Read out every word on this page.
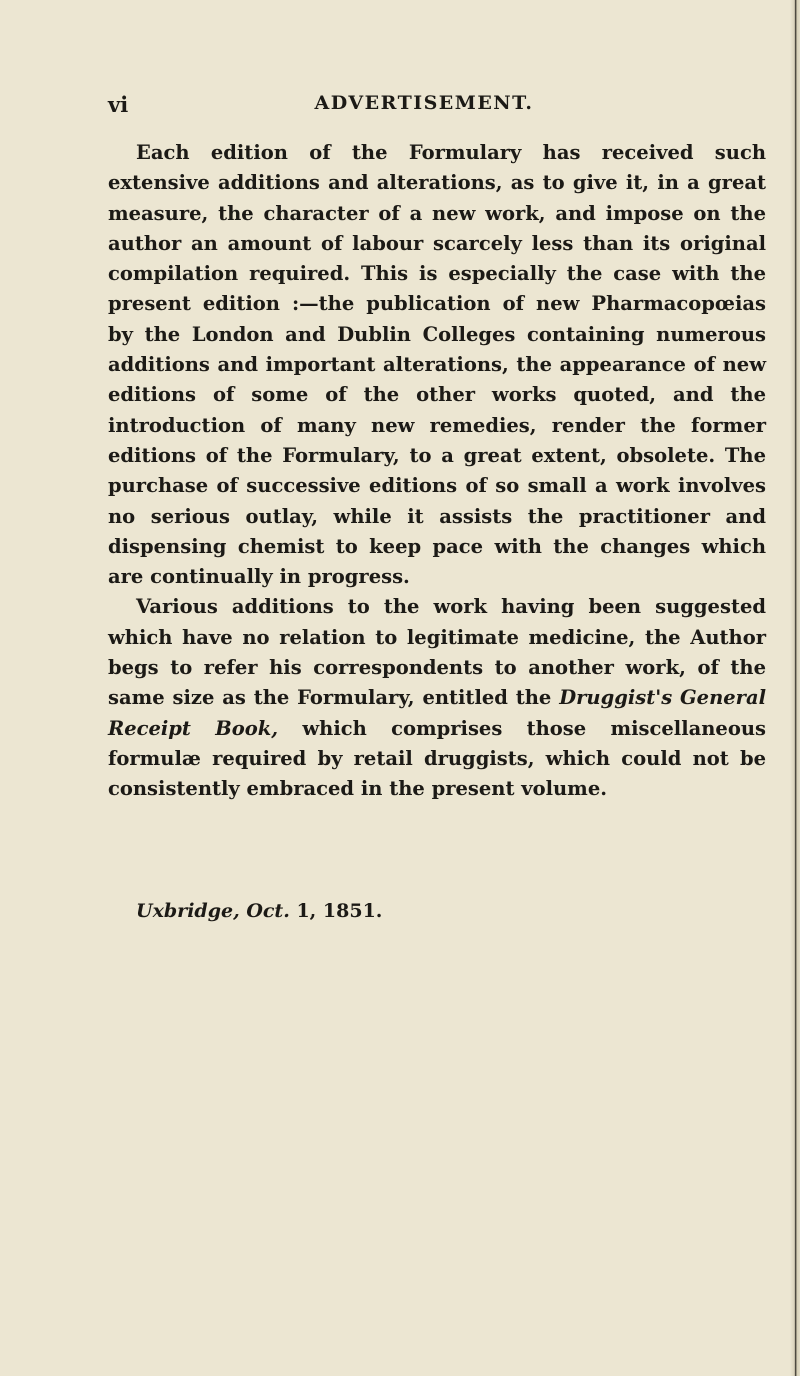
vi	ADVERTISEMENT.

Each edition of the Formulary has received such extensive additions and alterations, as to give it, in a great measure, the character of a new work, and impose on the author an amount of labour scarcely less than its original compilation required. This is especially the case with the present edition :—the publication of new Pharmacopœias by the London and Dublin Colleges containing numerous additions and important alterations, the appearance of new editions of some of the other works quoted, and the introduction of many new remedies, render the former editions of the Formulary, to a great extent, obsolete. The purchase of successive editions of so small a work involves no serious outlay, while it assists the practitioner and dispensing chemist to keep pace with the changes which are continually in progress.

Various additions to the work having been suggested which have no relation to legitimate medicine, the Author begs to refer his correspondents to another work, of the same size as the Formulary, entitled the Druggist's General Receipt Book, which comprises those miscellaneous formulæ required by retail druggists, which could not be consistently embraced in the present volume.

Uxbridge, Oct. 1, 1851.
